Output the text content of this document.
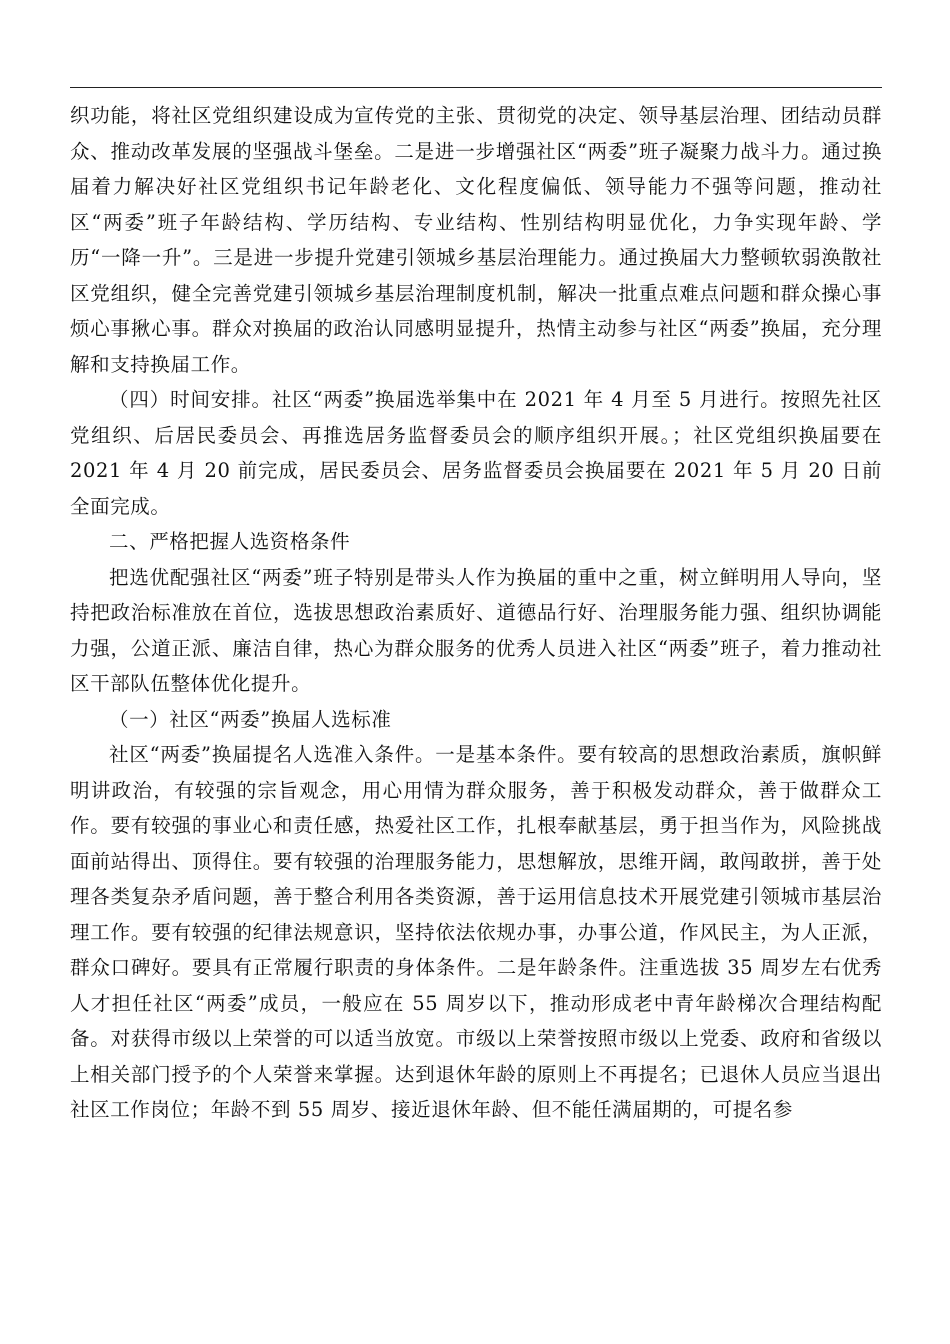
织功能，将社区党组织建设成为宣传党的主张、贯彻党的决定、领导基层治理、团结动员群众、推动改革发展的坚强战斗堡垒。二是进一步增强社区“两委”班子凝聚力战斗力。通过换届着力解决好社区党组织书记年龄老化、文化程度偏低、领导能力不强等问题，推动社区“两委”班子年龄结构、学历结构、专业结构、性别结构明显优化，力争实现年龄、学历“一降一升”。三是进一步提升党建引领城乡基层治理能力。通过换届大力整顿软弱涣散社区党组织，健全完善党建引领城乡基层治理制度机制，解决一批重点难点问题和群众操心事烦心事揪心事。群众对换届的政治认同感明显提升，热情主动参与社区“两委”换届，充分理解和支持换届工作。

（四）时间安排。社区“两委”换届选举集中在 2021 年 4 月至 5 月进行。按照先社区党组织、后居民委员会、再推选居务监督委员会的顺序组织开展。；社区党组织换届要在 2021 年 4 月 20 前完成，居民委员会、居务监督委员会换届要在 2021 年 5 月 20 日前全面完成。

二、严格把握人选资格条件

把选优配强社区“两委”班子特别是带头人作为换届的重中之重，树立鲜明用人导向，坚持把政治标准放在首位，选拔思想政治素质好、道德品行好、治理服务能力强、组织协调能力强，公道正派、廉洁自律，热心为群众服务的优秀人员进入社区“两委”班子，着力推动社区干部队伍整体优化提升。

（一）社区“两委”换届人选标准

社区“两委”换届提名人选准入条件。一是基本条件。要有较高的思想政治素质，旗帜鲜明讲政治，有较强的宗旨观念，用心用情为群众服务，善于积极发动群众，善于做群众工作。要有较强的事业心和责任感，热爱社区工作，扎根奉献基层，勇于担当作为，风险挑战面前站得出、顶得住。要有较强的治理服务能力，思想解放，思维开阔，敢闯敢拼，善于处理各类复杂矛盾问题，善于整合利用各类资源，善于运用信息技术开展党建引领城市基层治理工作。要有较强的纪律法规意识，坚持依法依规办事，办事公道，作风民主，为人正派，群众口碑好。要具有正常履行职责的身体条件。二是年龄条件。注重选拔 35 周岁左右优秀人才担任社区“两委”成员，一般应在 55 周岁以下，推动形成老中青年龄梯次合理结构配备。对获得市级以上荣誉的可以适当放宽。市级以上荣誉按照市级以上党委、政府和省级以上相关部门授予的个人荣誉来掌握。达到退休年龄的原则上不再提名；已退休人员应当退出社区工作岗位；年龄不到 55 周岁、接近退休年龄、但不能任满届期的，可提名参
